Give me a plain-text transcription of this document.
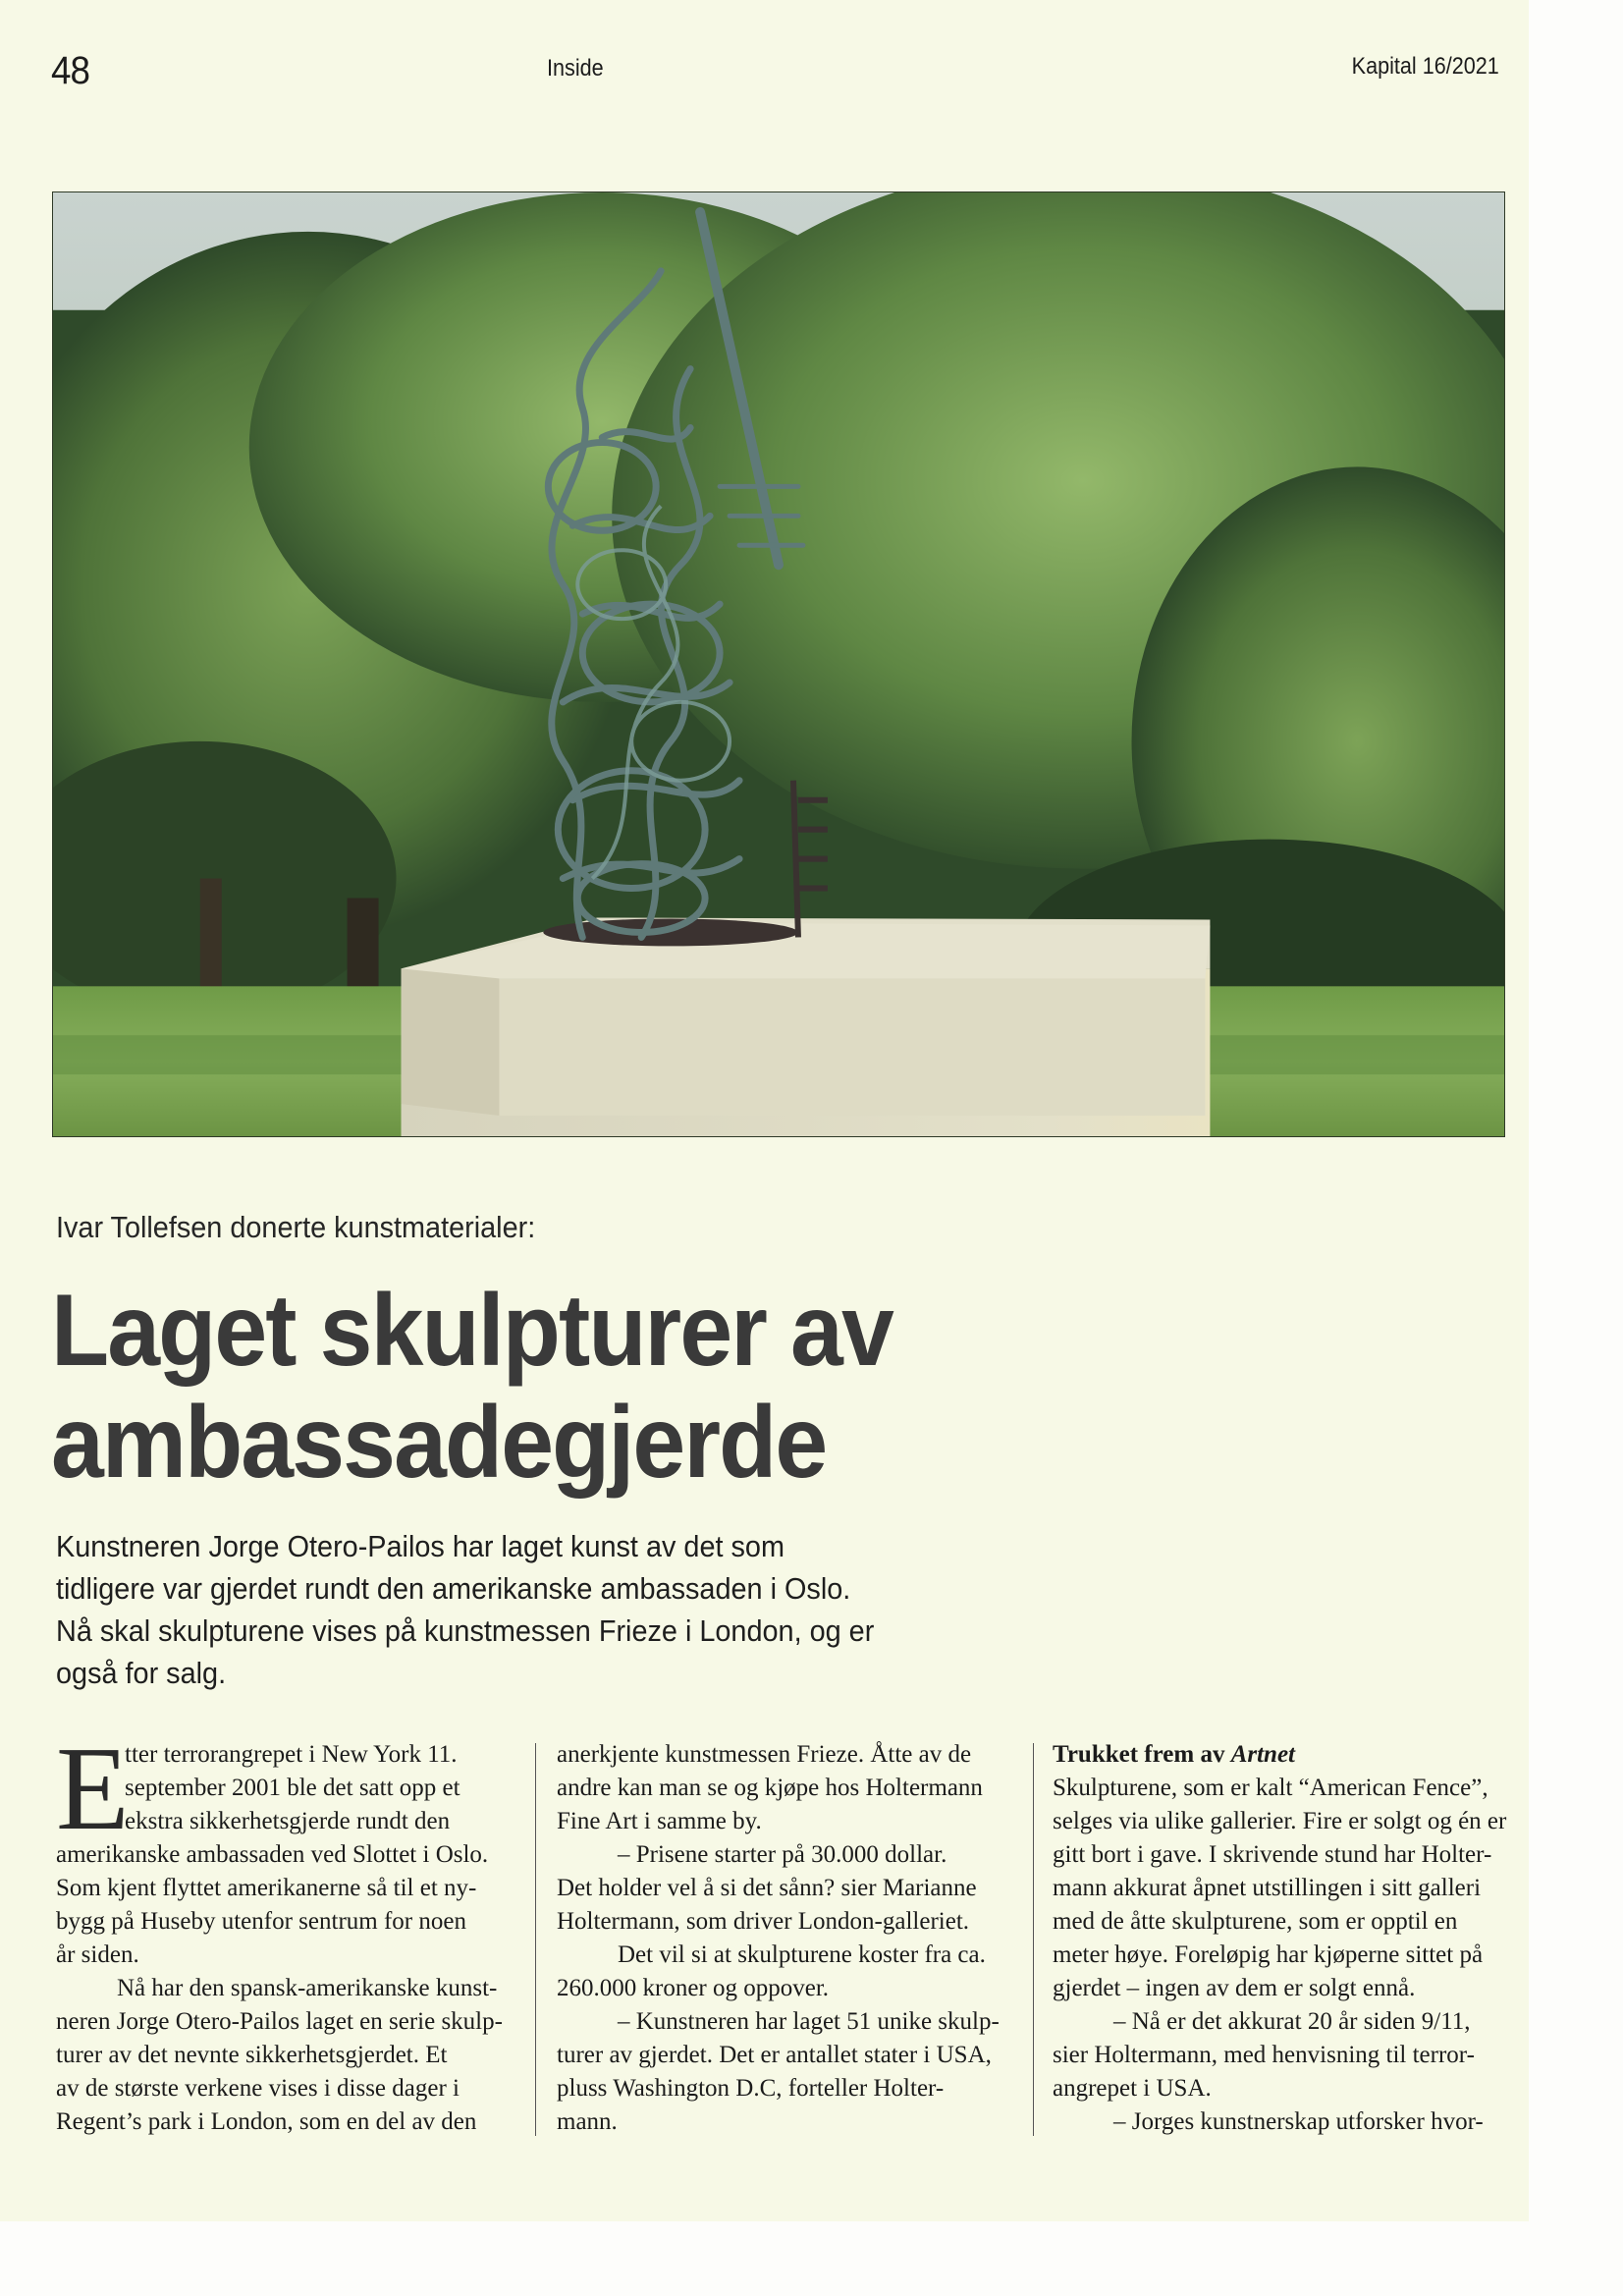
48	Inside	Kapital 16/2021
Ivar Tollefsen donerte kunstmaterialer:
Laget skulpturer av
ambassadegjerde
Kunstneren Jorge Otero-Pailos har laget kunst av det som
tidligere var gjerdet rundt den amerikanske ambassaden i Oslo.
Nå skal skulpturene vises på kunstmessen Frieze i London, og er
også for salg.
E
tter terrorangrepet i New York 11.
september 2001 ble det satt opp et
ekstra sikkerhetsgjerde rundt den
amerikanske ambassaden ved Slottet i Oslo.
Som kjent flyttet amerikanerne så til et ny-
bygg på Huseby utenfor sentrum for noen
år siden.
Nå har den spansk-amerikanske kunst-
neren Jorge Otero-Pailos laget en serie skulp-
turer av det nevnte sikkerhetsgjerdet. Et
av de største verkene vises i disse dager i
Regent’s park i London, som en del av den
anerkjente kunstmessen Frieze. Åtte av de
andre kan man se og kjøpe hos Holtermann
Fine Art i samme by.
– Prisene starter på 30.000 dollar.
Det holder vel å si det sånn? sier Marianne
Holtermann, som driver London-galleriet.
Det vil si at skulpturene koster fra ca.
260.000 kroner og oppover.
– Kunstneren har laget 51 unike skulp-
turer av gjerdet. Det er antallet stater i USA,
pluss Washington D.C, forteller Holter-
mann.
Trukket frem av Artnet
Skulpturene, som er kalt “American Fence”,
selges via ulike gallerier. Fire er solgt og én er
gitt bort i gave. I skrivende stund har Holter-
mann akkurat åpnet utstillingen i sitt galleri
med de åtte skulpturene, som er opptil en
meter høye. Foreløpig har kjøperne sittet på
gjerdet – ingen av dem er solgt ennå.
– Nå er det akkurat 20 år siden 9/11,
sier Holtermann, med henvisning til terror-
angrepet i USA.
– Jorges kunstnerskap utforsker hvor-
